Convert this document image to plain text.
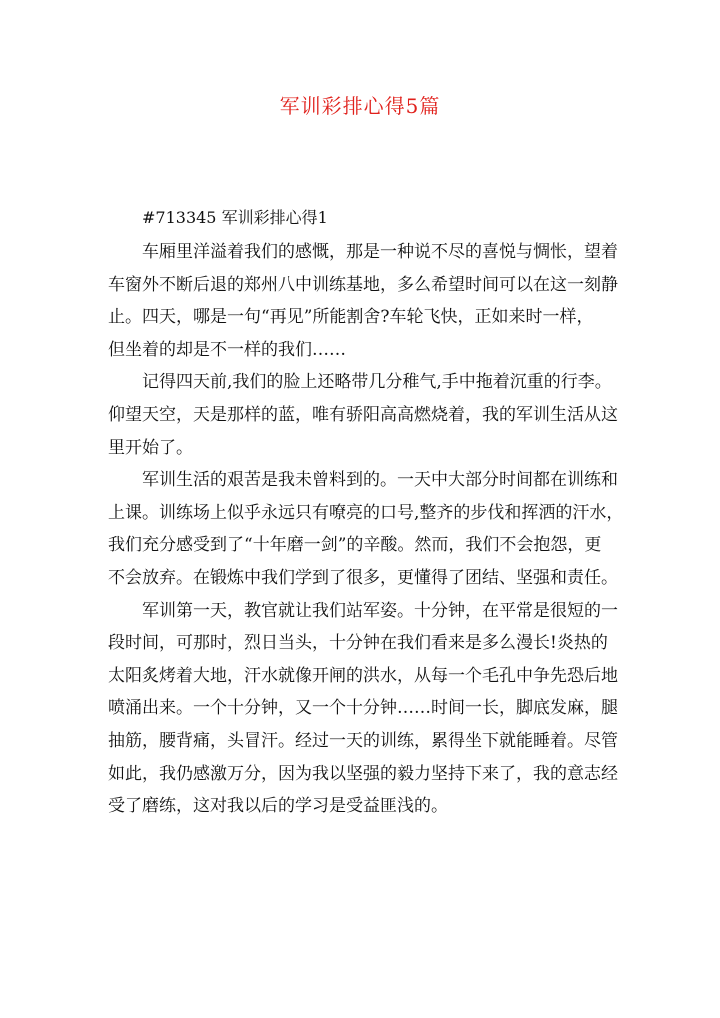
军训彩排心得5篇

#713345 军训彩排心得1

车厢里洋溢着我们的感慨，那是一种说不尽的喜悦与惆怅，望着
车窗外不断后退的郑州八中训练基地，多么希望时间可以在这一刻静
止。四天，哪是一句“再见”所能割舍?车轮飞快，正如来时一样，
但坐着的却是不一样的我们……

记得四天前,我们的脸上还略带几分稚气,手中拖着沉重的行李。
仰望天空，天是那样的蓝，唯有骄阳高高燃烧着，我的军训生活从这
里开始了。

军训生活的艰苦是我未曾料到的。一天中大部分时间都在训练和
上课。训练场上似乎永远只有嘹亮的口号,整齐的步伐和挥洒的汗水，
我们充分感受到了“十年磨一剑”的辛酸。然而，我们不会抱怨，更
不会放弃。在锻炼中我们学到了很多，更懂得了团结、坚强和责任。

军训第一天，教官就让我们站军姿。十分钟，在平常是很短的一
段时间，可那时，烈日当头，十分钟在我们看来是多么漫长!炎热的
太阳炙烤着大地，汗水就像开闸的洪水，从每一个毛孔中争先恐后地
喷涌出来。一个十分钟，又一个十分钟……时间一长，脚底发麻，腿
抽筋，腰背痛，头冒汗。经过一天的训练，累得坐下就能睡着。尽管
如此，我仍感激万分，因为我以坚强的毅力坚持下来了，我的意志经
受了磨练，这对我以后的学习是受益匪浅的。
